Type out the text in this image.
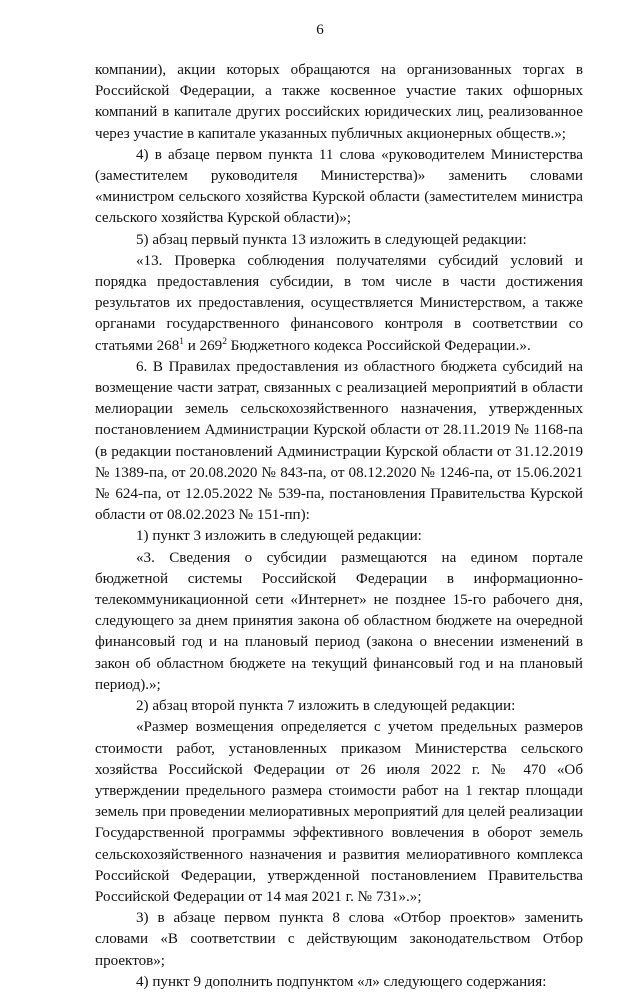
6

компании), акции которых обращаются на организованных торгах в Российской Федерации, а также косвенное участие таких офшорных компаний в капитале других российских юридических лиц, реализованное через участие в капитале указанных публичных акционерных обществ.»;

4) в абзаце первом пункта 11 слова «руководителем Министерства (заместителем руководителя Министерства)» заменить словами «министром сельского хозяйства Курской области (заместителем министра сельского хозяйства Курской области)»;

5) абзац первый пункта 13 изложить в следующей редакции:

«13. Проверка соблюдения получателями субсидий условий и порядка предоставления субсидии, в том числе в части достижения результатов их предоставления, осуществляется Министерством, а также органами государственного финансового контроля в соответствии со статьями $268^1$ и $269^2$ Бюджетного кодекса Российской Федерации.».

6. В Правилах предоставления из областного бюджета субсидий на возмещение части затрат, связанных с реализацией мероприятий в области мелиорации земель сельскохозяйственного назначения, утвержденных постановлением Администрации Курской области от 28.11.2019 № 1168-па (в редакции постановлений Администрации Курской области от 31.12.2019 № 1389-па, от 20.08.2020 № 843-па, от 08.12.2020 № 1246-па, от 15.06.2021 № 624-па, от 12.05.2022 № 539-па, постановления Правительства Курской области от 08.02.2023 № 151-пп):

1) пункт 3 изложить в следующей редакции:

«3. Сведения о субсидии размещаются на едином портале бюджетной системы Российской Федерации в информационно-телекоммуникационной сети «Интернет» не позднее 15-го рабочего дня, следующего за днем принятия закона об областном бюджете на очередной финансовый год и на плановый период (закона о внесении изменений в закон об областном бюджете на текущий финансовый год и на плановый период).»;

2) абзац второй пункта 7 изложить в следующей редакции:

«Размер возмещения определяется с учетом предельных размеров стоимости работ, установленных приказом Министерства сельского хозяйства Российской Федерации от 26 июля 2022 г. № 470 «Об утверждении предельного размера стоимости работ на 1 гектар площади земель при проведении мелиоративных мероприятий для целей реализации Государственной программы эффективного вовлечения в оборот земель сельскохозяйственного назначения и развития мелиоративного комплекса Российской Федерации, утвержденной постановлением Правительства Российской Федерации от 14 мая 2021 г. № 731».»;

3) в абзаце первом пункта 8 слова «Отбор проектов» заменить словами «В соответствии с действующим законодательством Отбор проектов»;

4) пункт 9 дополнить подпунктом «л» следующего содержания:
